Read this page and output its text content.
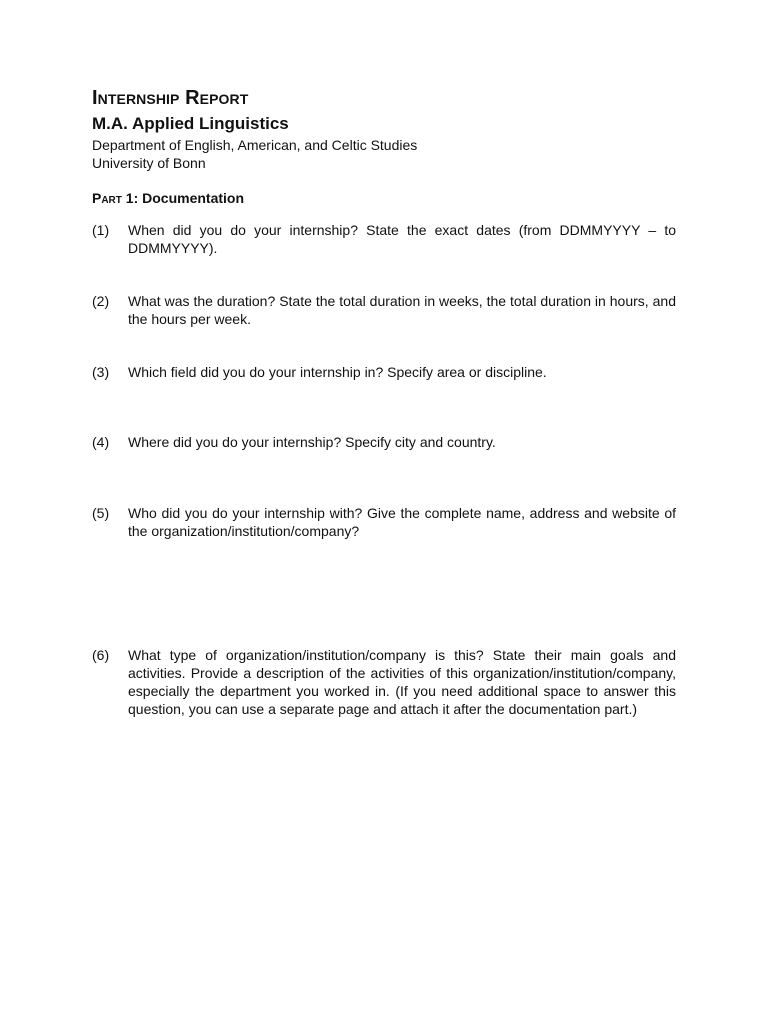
Internship Report
M.A. Applied Linguistics

Department of English, American, and Celtic Studies

University of Bonn

Part 1: Documentation
(1)	When did you do your internship? State the exact dates (from DDMMYYYY – to DDMMYYYY).
(2)	What was the duration? State the total duration in weeks, the total duration in hours, and the hours per week.
(3)	Which field did you do your internship in? Specify area or discipline.
(4)	Where did you do your internship? Specify city and country.
(5)	Who did you do your internship with? Give the complete name, address and website of the organization/institution/company?
(6)	What type of organization/institution/company is this? State their main goals and activities. Provide a description of the activities of this organization/institution/company, especially the department you worked in. (If you need additional space to answer this question, you can use a separate page and attach it after the documentation part.)
